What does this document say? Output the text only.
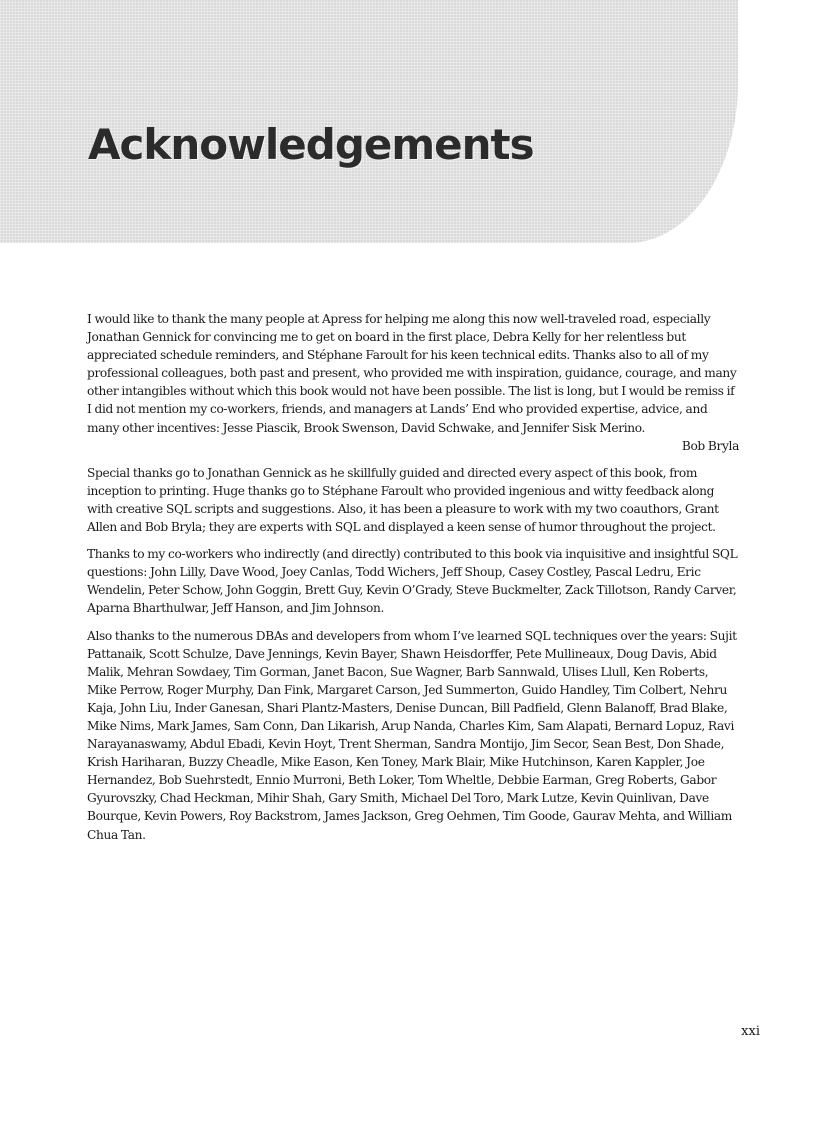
Acknowledgements

I would like to thank the many people at Apress for helping me along this now well-traveled road, especially Jonathan Gennick for convincing me to get on board in the first place, Debra Kelly for her relentless but appreciated schedule reminders, and Stéphane Faroult for his keen technical edits. Thanks also to all of my professional colleagues, both past and present, who provided me with inspiration, guidance, courage, and many other intangibles without which this book would not have been possible. The list is long, but I would be remiss if I did not mention my co-workers, friends, and managers at Lands’ End who provided expertise, advice, and many other incentives: Jesse Piascik, Brook Swenson, David Schwake, and Jennifer Sisk Merino.

Bob Bryla

Special thanks go to Jonathan Gennick as he skillfully guided and directed every aspect of this book, from inception to printing. Huge thanks go to Stéphane Faroult who provided ingenious and witty feedback along with creative SQL scripts and suggestions. Also, it has been a pleasure to work with my two coauthors, Grant Allen and Bob Bryla; they are experts with SQL and displayed a keen sense of humor throughout the project.

Thanks to my co-workers who indirectly (and directly) contributed to this book via inquisitive and insightful SQL questions: John Lilly, Dave Wood, Joey Canlas, Todd Wichers, Jeff Shoup, Casey Costley, Pascal Ledru, Eric Wendelin, Peter Schow, John Goggin, Brett Guy, Kevin O’Grady, Steve Buckmelter, Zack Tillotson, Randy Carver, Aparna Bharthulwar, Jeff Hanson, and Jim Johnson.

Also thanks to the numerous DBAs and developers from whom I’ve learned SQL techniques over the years: Sujit Pattanaik, Scott Schulze, Dave Jennings, Kevin Bayer, Shawn Heisdorffer, Pete Mullineaux, Doug Davis, Abid Malik, Mehran Sowdaey, Tim Gorman, Janet Bacon, Sue Wagner, Barb Sannwald, Ulises Llull, Ken Roberts, Mike Perrow, Roger Murphy, Dan Fink, Margaret Carson, Jed Summerton, Guido Handley, Tim Colbert, Nehru Kaja, John Liu, Inder Ganesan, Shari Plantz-Masters, Denise Duncan, Bill Padfield, Glenn Balanoff, Brad Blake, Mike Nims, Mark James, Sam Conn, Dan Likarish, Arup Nanda, Charles Kim, Sam Alapati, Bernard Lopuz, Ravi Narayanaswamy, Abdul Ebadi, Kevin Hoyt, Trent Sherman, Sandra Montijo, Jim Secor, Sean Best, Don Shade, Krish Hariharan, Buzzy Cheadle, Mike Eason, Ken Toney, Mark Blair, Mike Hutchinson, Karen Kappler, Joe Hernandez, Bob Suehrstedt, Ennio Murroni, Beth Loker, Tom Wheltle, Debbie Earman, Greg Roberts, Gabor Gyurovszky, Chad Heckman, Mihir Shah, Gary Smith, Michael Del Toro, Mark Lutze, Kevin Quinlivan, Dave Bourque, Kevin Powers, Roy Backstrom, James Jackson, Greg Oehmen, Tim Goode, Gaurav Mehta, and William Chua Tan.

xxi
